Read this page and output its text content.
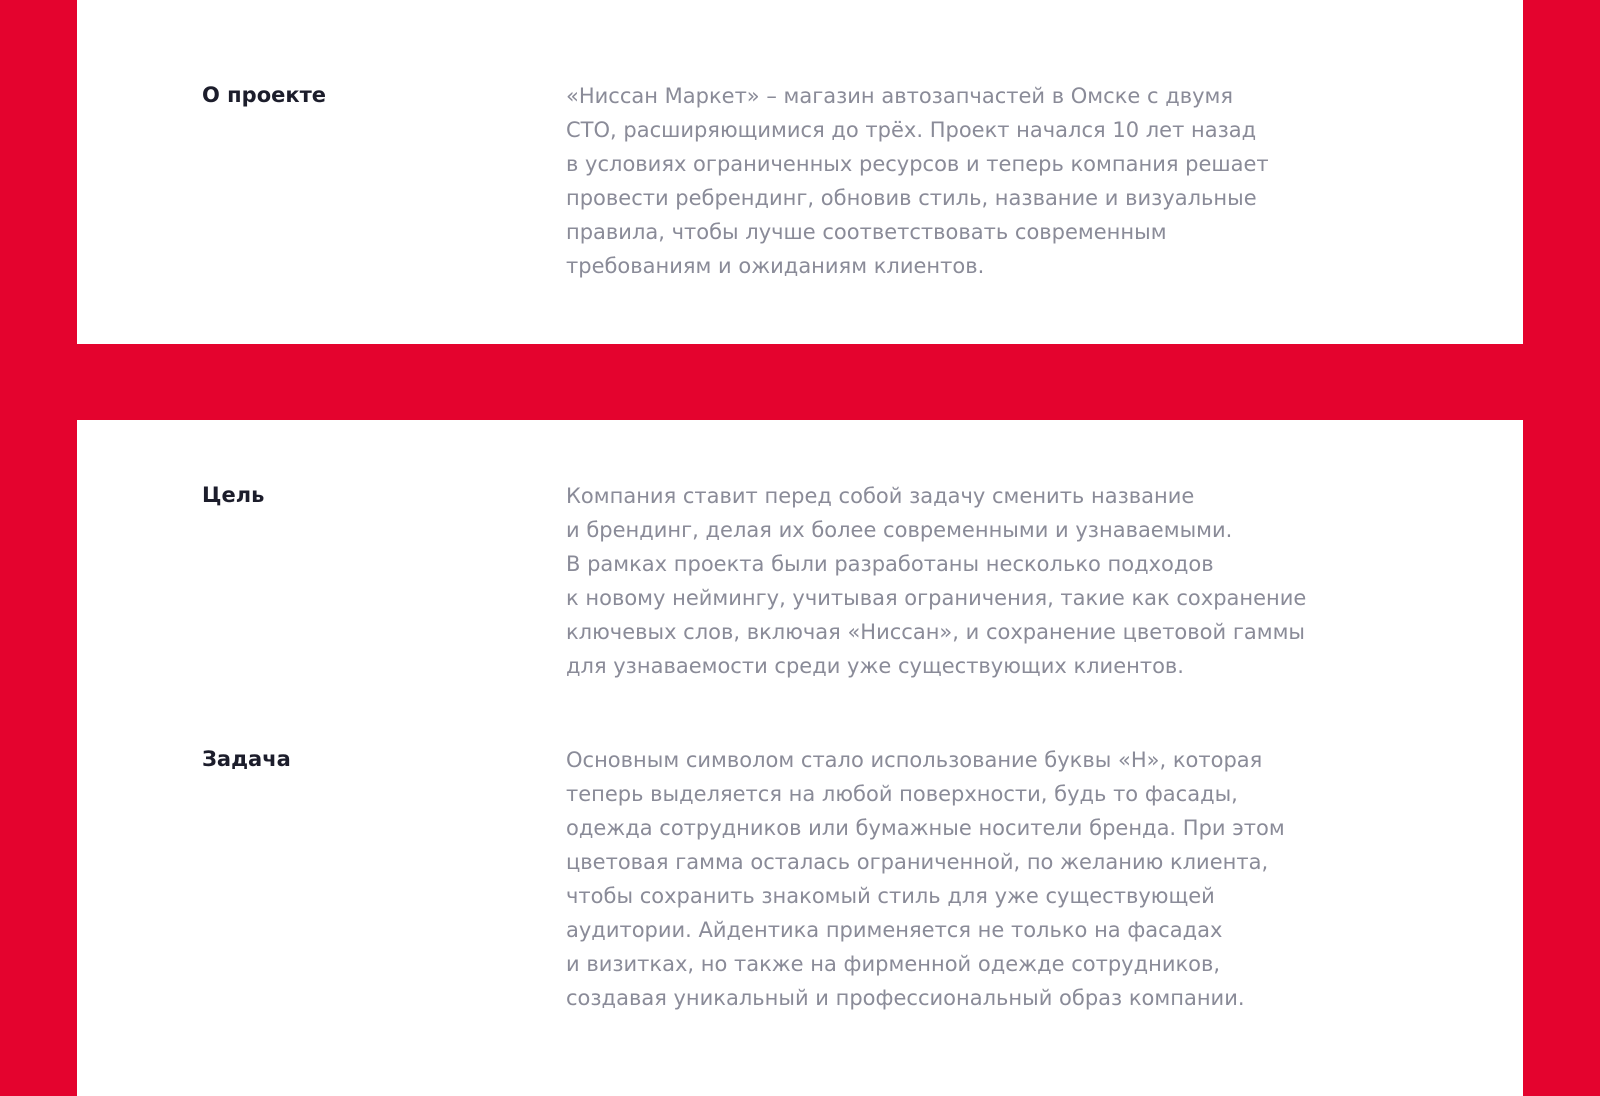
О проекте	«Ниссан Маркет» – магазин автозапчастей в Омске с двумя
СТО, расширяющимися до трёх. Проект начался 10 лет назад
в условиях ограниченных ресурсов и теперь компания решает
провести ребрендинг, обновив стиль, название и визуальные
правила, чтобы лучше соответствовать современным
требованиям и ожиданиям клиентов.

Цель	Компания ставит перед собой задачу сменить название
и брендинг, делая их более современными и узнаваемыми.
В рамках проекта были разработаны несколько подходов
к новому неймингу, учитывая ограничения, такие как сохранение
ключевых слов, включая «Ниссан», и сохранение цветовой гаммы
для узнаваемости среди уже существующих клиентов.

Задача	Основным символом стало использование буквы «Н», которая
теперь выделяется на любой поверхности, будь то фасады,
одежда сотрудников или бумажные носители бренда. При этом
цветовая гамма осталась ограниченной, по желанию клиента,
чтобы сохранить знакомый стиль для уже существующей
аудитории. Айдентика применяется не только на фасадах
и визитках, но также на фирменной одежде сотрудников,
создавая уникальный и профессиональный образ компании.
